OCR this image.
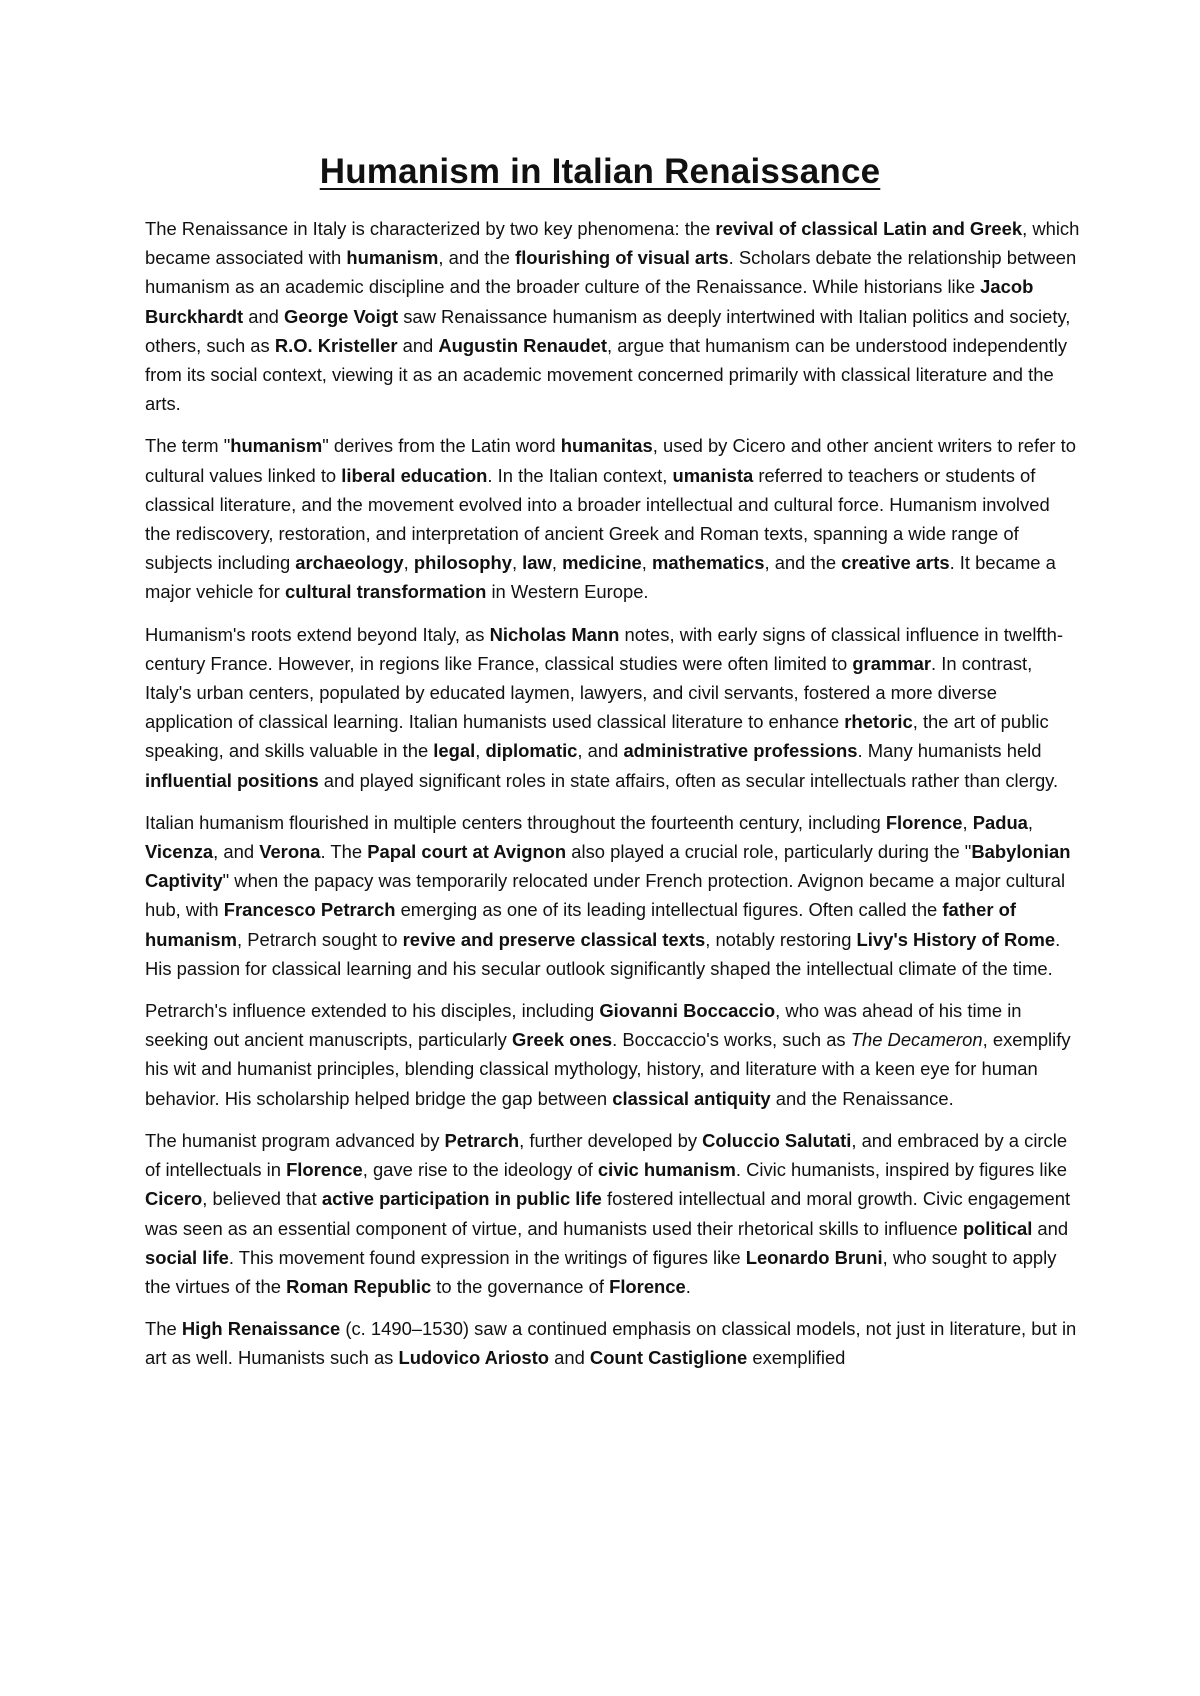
Humanism in Italian Renaissance

The Renaissance in Italy is characterized by two key phenomena: the revival of classical Latin and Greek, which became associated with humanism, and the flourishing of visual arts. Scholars debate the relationship between humanism as an academic discipline and the broader culture of the Renaissance. While historians like Jacob Burckhardt and George Voigt saw Renaissance humanism as deeply intertwined with Italian politics and society, others, such as R.O. Kristeller and Augustin Renaudet, argue that humanism can be understood independently from its social context, viewing it as an academic movement concerned primarily with classical literature and the arts.

The term "humanism" derives from the Latin word humanitas, used by Cicero and other ancient writers to refer to cultural values linked to liberal education. In the Italian context, umanista referred to teachers or students of classical literature, and the movement evolved into a broader intellectual and cultural force. Humanism involved the rediscovery, restoration, and interpretation of ancient Greek and Roman texts, spanning a wide range of subjects including archaeology, philosophy, law, medicine, mathematics, and the creative arts. It became a major vehicle for cultural transformation in Western Europe.

Humanism's roots extend beyond Italy, as Nicholas Mann notes, with early signs of classical influence in twelfth-century France. However, in regions like France, classical studies were often limited to grammar. In contrast, Italy's urban centers, populated by educated laymen, lawyers, and civil servants, fostered a more diverse application of classical learning. Italian humanists used classical literature to enhance rhetoric, the art of public speaking, and skills valuable in the legal, diplomatic, and administrative professions. Many humanists held influential positions and played significant roles in state affairs, often as secular intellectuals rather than clergy.

Italian humanism flourished in multiple centers throughout the fourteenth century, including Florence, Padua, Vicenza, and Verona. The Papal court at Avignon also played a crucial role, particularly during the "Babylonian Captivity" when the papacy was temporarily relocated under French protection. Avignon became a major cultural hub, with Francesco Petrarch emerging as one of its leading intellectual figures. Often called the father of humanism, Petrarch sought to revive and preserve classical texts, notably restoring Livy's History of Rome. His passion for classical learning and his secular outlook significantly shaped the intellectual climate of the time.

Petrarch's influence extended to his disciples, including Giovanni Boccaccio, who was ahead of his time in seeking out ancient manuscripts, particularly Greek ones. Boccaccio's works, such as The Decameron, exemplify his wit and humanist principles, blending classical mythology, history, and literature with a keen eye for human behavior. His scholarship helped bridge the gap between classical antiquity and the Renaissance.

The humanist program advanced by Petrarch, further developed by Coluccio Salutati, and embraced by a circle of intellectuals in Florence, gave rise to the ideology of civic humanism. Civic humanists, inspired by figures like Cicero, believed that active participation in public life fostered intellectual and moral growth. Civic engagement was seen as an essential component of virtue, and humanists used their rhetorical skills to influence political and social life. This movement found expression in the writings of figures like Leonardo Bruni, who sought to apply the virtues of the Roman Republic to the governance of Florence.

The High Renaissance (c. 1490–1530) saw a continued emphasis on classical models, not just in literature, but in art as well. Humanists such as Ludovico Ariosto and Count Castiglione exemplified
